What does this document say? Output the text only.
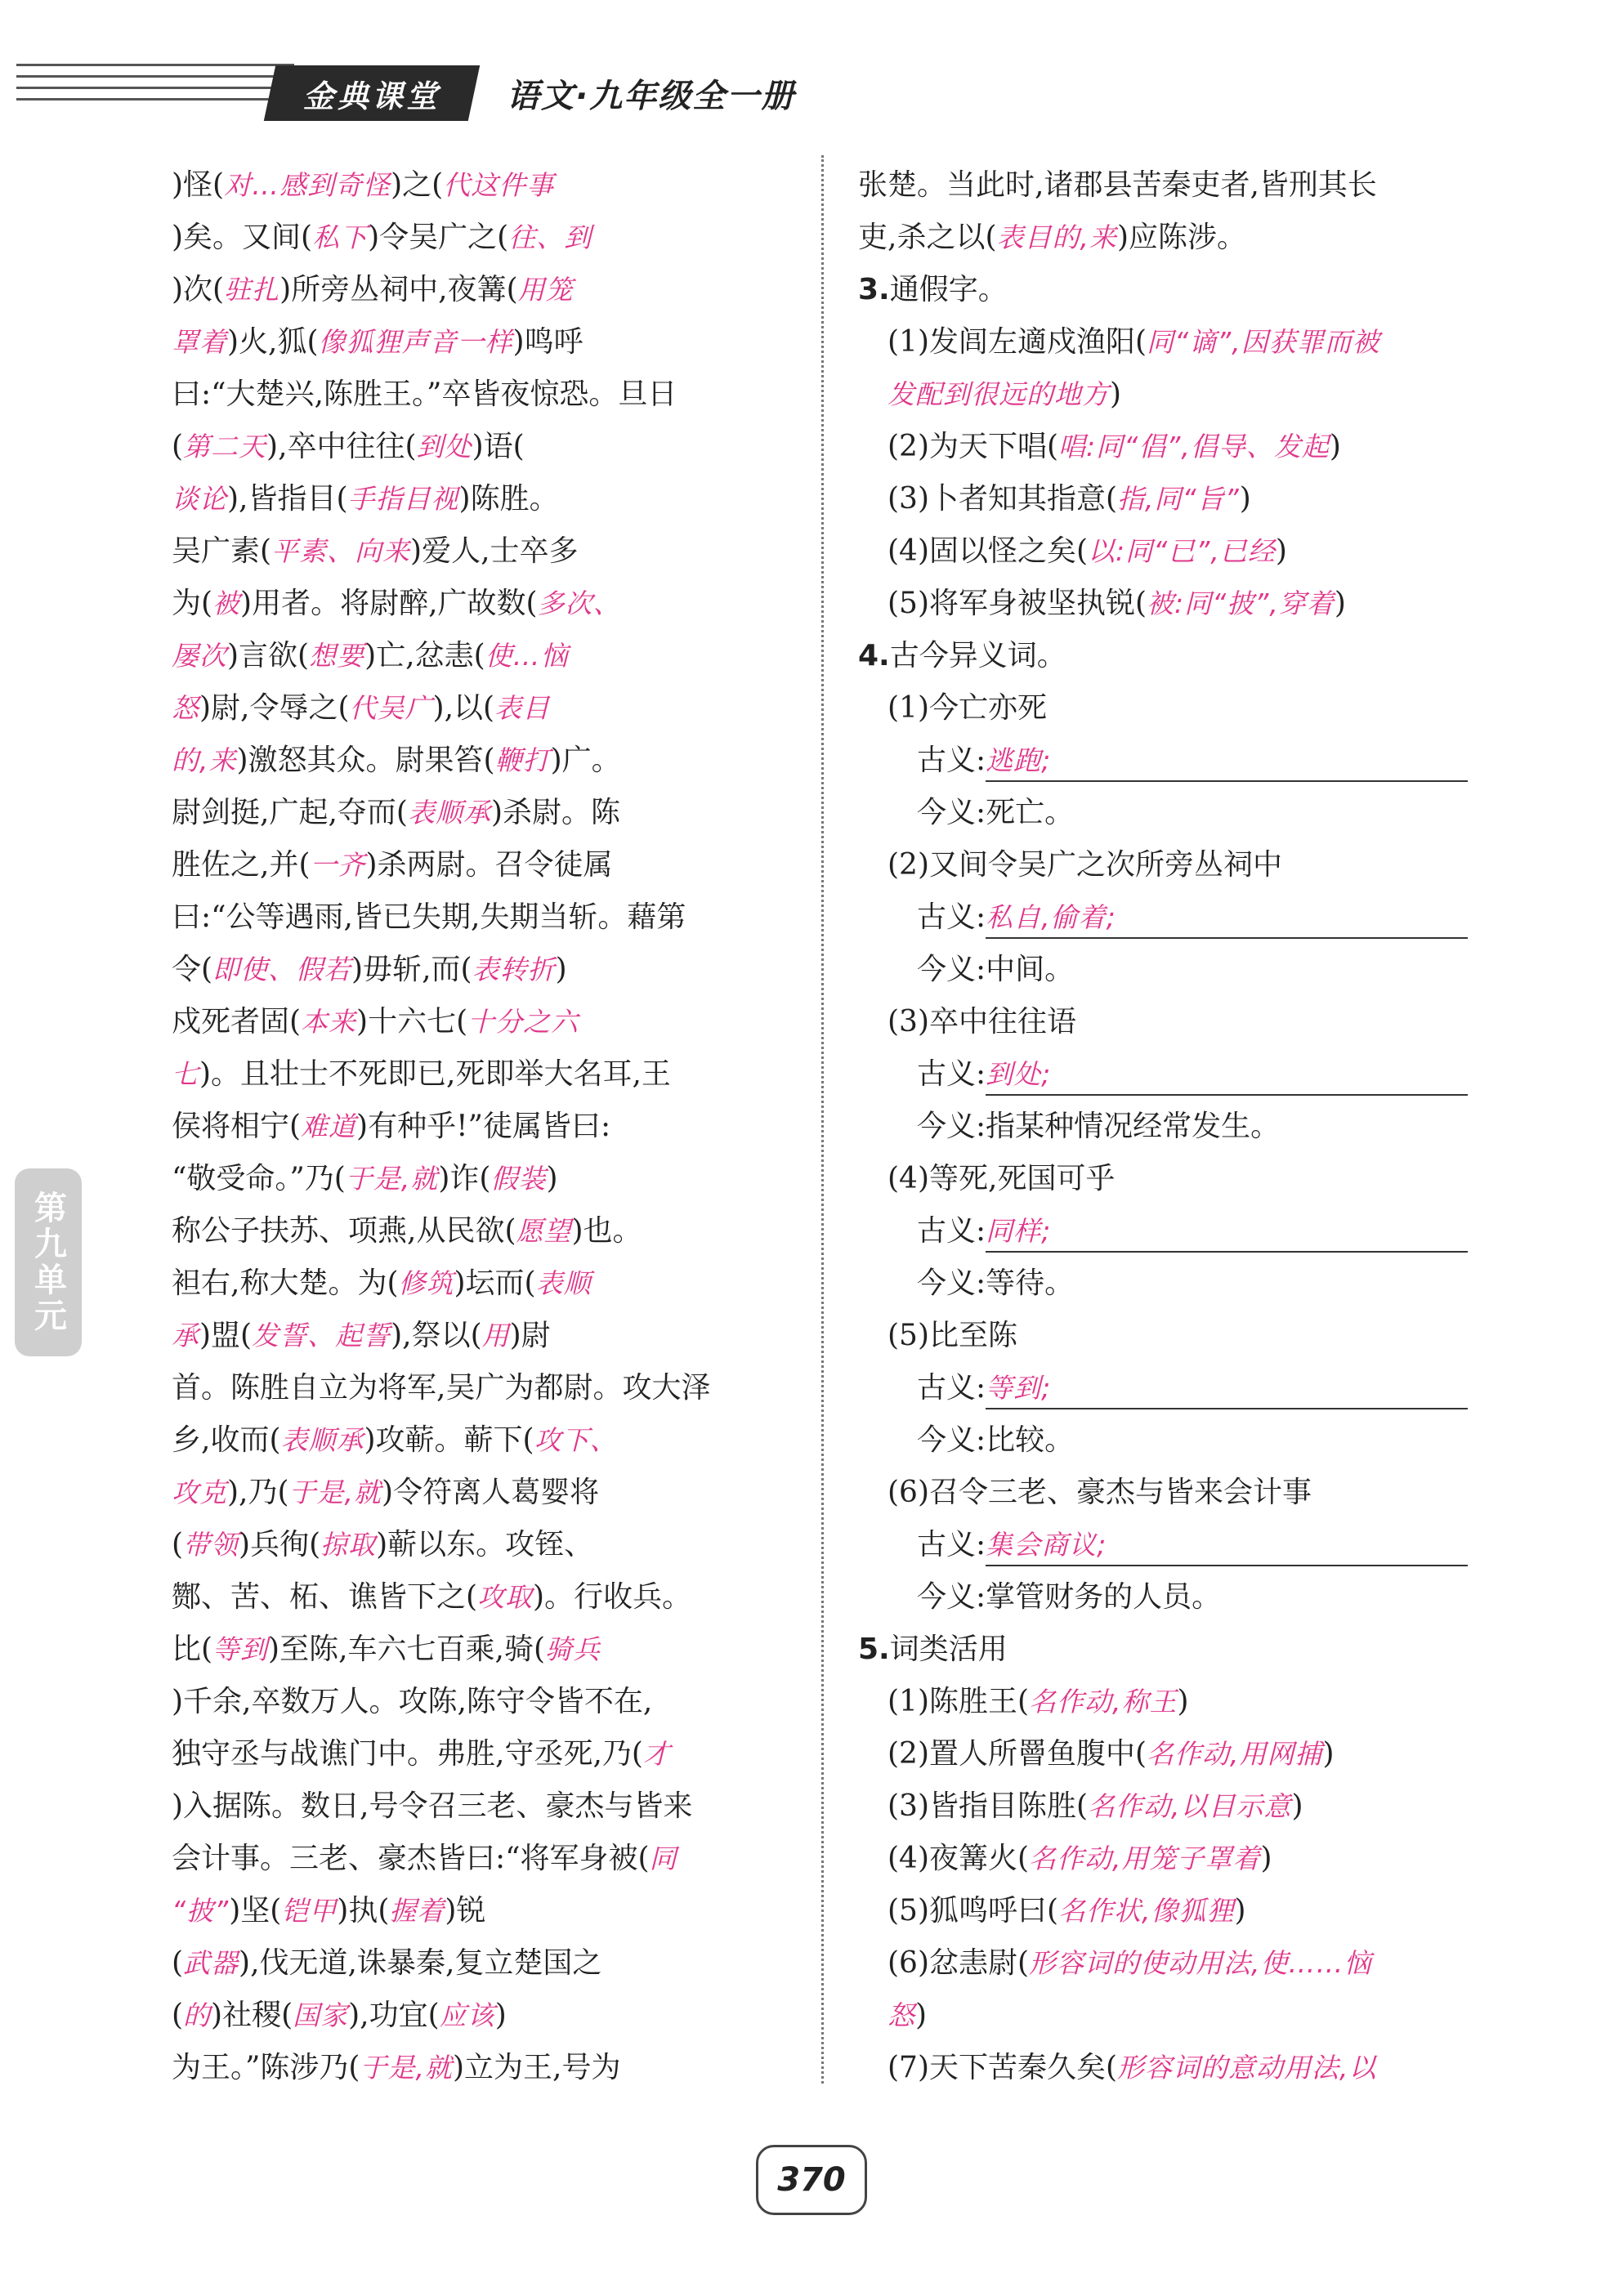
金典课堂 语文·九年级全一册
)怪(对…感到奇怪)之(代这件事
)矣。又间(私下)令吴广之(往、到
)次(驻扎)所旁丛祠中,夜篝(用笼
罩着)火,狐(像狐狸声音一样)鸣呼
曰:“大楚兴,陈胜王。”卒皆夜惊恐。旦日
(第二天),卒中往往(到处)语(
谈论),皆指目(手指目视)陈胜。
吴广素(平素、向来)爱人,士卒多
为(被)用者。将尉醉,广故数(多次、
屡次)言欲(想要)亡,忿恚(使…恼
怒)尉,令辱之(代吴广),以(表目
的,来)激怒其众。尉果笞(鞭打)广。
尉剑挺,广起,夺而(表顺承)杀尉。陈
胜佐之,并(一齐)杀两尉。召令徒属
曰:“公等遇雨,皆已失期,失期当斩。藉第
令(即使、假若)毋斩,而(表转折)
戍死者固(本来)十六七(十分之六
七)。且壮士不死即已,死即举大名耳,王
侯将相宁(难道)有种乎!”徒属皆曰:
“敬受命。”乃(于是,就)诈(假装)
称公子扶苏、项燕,从民欲(愿望)也。
袒右,称大楚。为(修筑)坛而(表顺
承)盟(发誓、起誓),祭以(用)尉
首。陈胜自立为将军,吴广为都尉。攻大泽
乡,收而(表顺承)攻蕲。蕲下(攻下、
攻克),乃(于是,就)令符离人葛婴将
(带领)兵徇(掠取)蕲以东。攻铚、
酂、苦、柘、谯皆下之(攻取)。行收兵。
比(等到)至陈,车六七百乘,骑(骑兵
)千余,卒数万人。攻陈,陈守令皆不在,
独守丞与战谯门中。弗胜,守丞死,乃(才
)入据陈。数日,号令召三老、豪杰与皆来
会计事。三老、豪杰皆曰:“将军身被(同
“披”)坚(铠甲)执(握着)锐
(武器),伐无道,诛暴秦,复立楚国之
(的)社稷(国家),功宜(应该)
为王。”陈涉乃(于是,就)立为王,号为
张楚。当此时,诸郡县苦秦吏者,皆刑其长
吏,杀之以(表目的,来)应陈涉。
3.通假字。
(1)发闾左適戍渔阳(同“谪”,因获罪而被
发配到很远的地方)
(2)为天下唱(唱:同“倡”,倡导、发起)
(3)卜者知其指意(指,同“旨”)
(4)固以怪之矣(以:同“已”,已经)
(5)将军身被坚执锐(被:同“披”,穿着)
4.古今异义词。
(1)今亡亦死
古义:逃跑;
今义:死亡。
(2)又间令吴广之次所旁丛祠中
古义:私自,偷着;
今义:中间。
(3)卒中往往语
古义:到处;
今义:指某种情况经常发生。
(4)等死,死国可乎
古义:同样;
今义:等待。
(5)比至陈
古义:等到;
今义:比较。
(6)召令三老、豪杰与皆来会计事
古义:集会商议;
今义:掌管财务的人员。
5.词类活用
(1)陈胜王(名作动,称王)
(2)置人所罾鱼腹中(名作动,用网捕)
(3)皆指目陈胜(名作动,以目示意)
(4)夜篝火(名作动,用笼子罩着)
(5)狐鸣呼曰(名作状,像狐狸)
(6)忿恚尉(形容词的使动用法,使……恼
怒)
(7)天下苦秦久矣(形容词的意动用法,以
第九单元
370
